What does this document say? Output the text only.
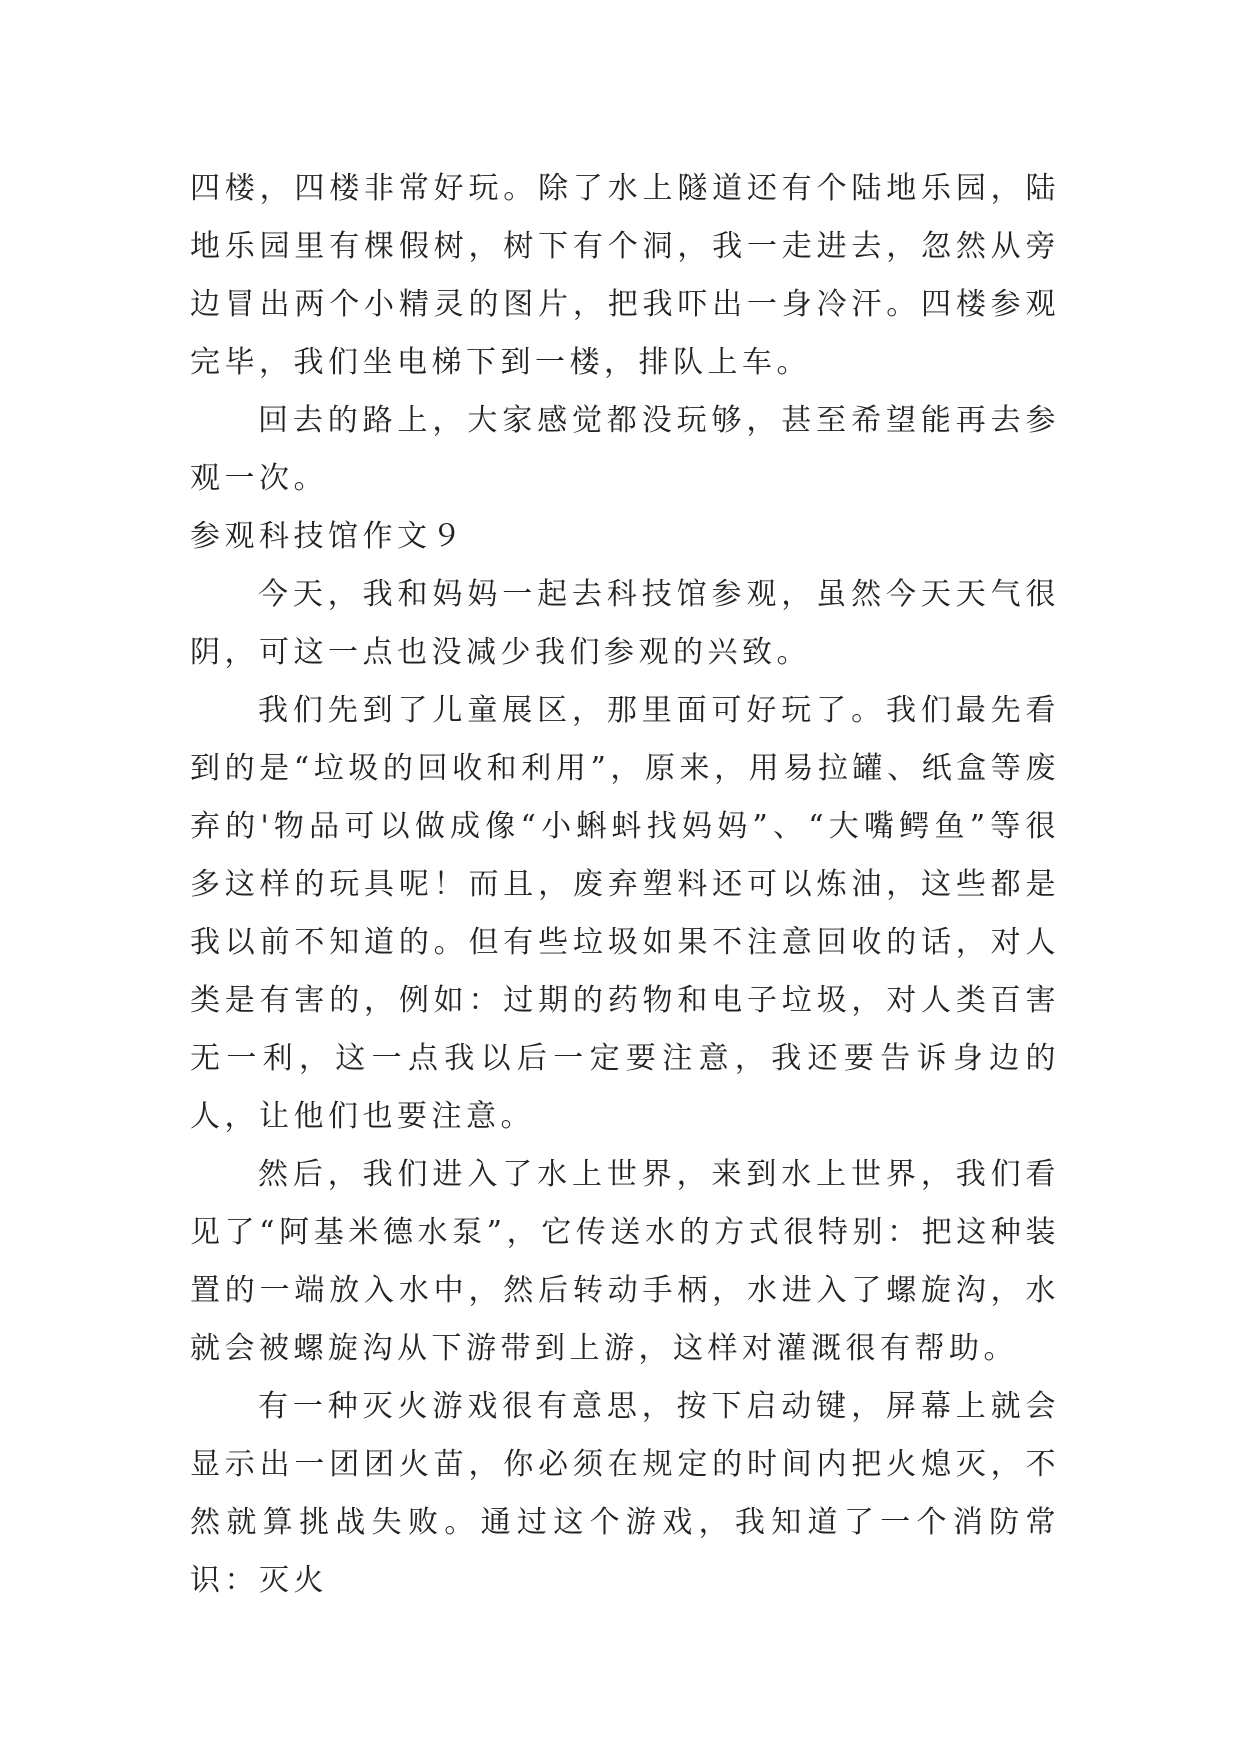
四楼，四楼非常好玩。除了水上隧道还有个陆地乐园，陆地乐园里有棵假树，树下有个洞，我一走进去，忽然从旁边冒出两个小精灵的图片，把我吓出一身冷汗。四楼参观完毕，我们坐电梯下到一楼，排队上车。

回去的路上，大家感觉都没玩够，甚至希望能再去参观一次。

参观科技馆作文９

今天，我和妈妈一起去科技馆参观，虽然今天天气很阴，可这一点也没减少我们参观的兴致。

我们先到了儿童展区，那里面可好玩了。我们最先看到的是“垃圾的回收和利用”，原来，用易拉罐、纸盒等废弃的'物品可以做成像“小蝌蚪找妈妈”、“大嘴鳄鱼”等很多这样的玩具呢！而且，废弃塑料还可以炼油，这些都是我以前不知道的。但有些垃圾如果不注意回收的话，对人类是有害的，例如：过期的药物和电子垃圾，对人类百害无一利，这一点我以后一定要注意，我还要告诉身边的人，让他们也要注意。

然后，我们进入了水上世界，来到水上世界，我们看见了“阿基米德水泵”，它传送水的方式很特别：把这种装置的一端放入水中，然后转动手柄，水进入了螺旋沟，水就会被螺旋沟从下游带到上游，这样对灌溉很有帮助。

有一种灭火游戏很有意思，按下启动键，屏幕上就会显示出一团团火苗，你必须在规定的时间内把火熄灭，不然就算挑战失败。通过这个游戏，我知道了一个消防常识：灭火
